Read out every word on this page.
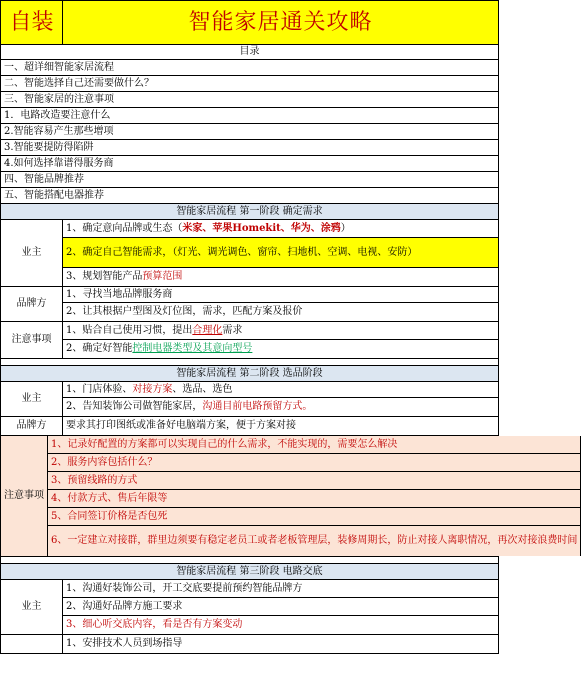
自装	智能家居通关攻略
目录
一、超详细智能家居流程
二、智能选择自己还需要做什么？
三、智能家居的注意事项
1．电路改造要注意什么
2.智能容易产生那些增项
3.智能要提防得陷阱
4.如何选择靠谱得服务商
四、智能品牌推荐
五、智能搭配电器推荐
智能家居流程 第一阶段 确定需求
业主
1、确定意向品牌或生态（ 米家、苹果Homekit、华为、涂鸦 ）
2、确定自己智能需求，（灯光、调光调色、窗帘、扫地机、空调、电视、安防）
3、规划智能产品 预算范围
品牌方
1、寻找当地品牌服务商
2、让其根据户型图及灯位图，需求，匹配方案及报价
注意事项
1、贴合自己使用习惯，提出 合理化 需求
2、确定好智能 控制电器类型及其意向型号
智能家居流程 第二阶段 选品阶段
业主
1、门店体验、 对接方案 、选品、选色
2、告知装饰公司做智能家居， 沟通目前电路预留方式。
品牌方	要求其打印图纸或准备好电脑端方案，便于方案对接
注意事项
1、记录好配置的方案都可以实现自己的什么需求，不能实现的，需要怎么解决
2、服务内容包括什么？
3、预留线路的方式
4、付款方式、售后年限等
5、合同签订价格是否包死
6、一定建立对接群，群里边须要有稳定老员工或者老板管理层，装修周期长，防止对接人离职情况，再次对接浪费时间
智能家居流程 第三阶段 电路交底
业主
1、沟通好装饰公司，开工交底要提前预约智能品牌方
2、沟通好品牌方施工要求
3、细心听交底内容，看是否有方案变动
1、安排技术人员到场指导
